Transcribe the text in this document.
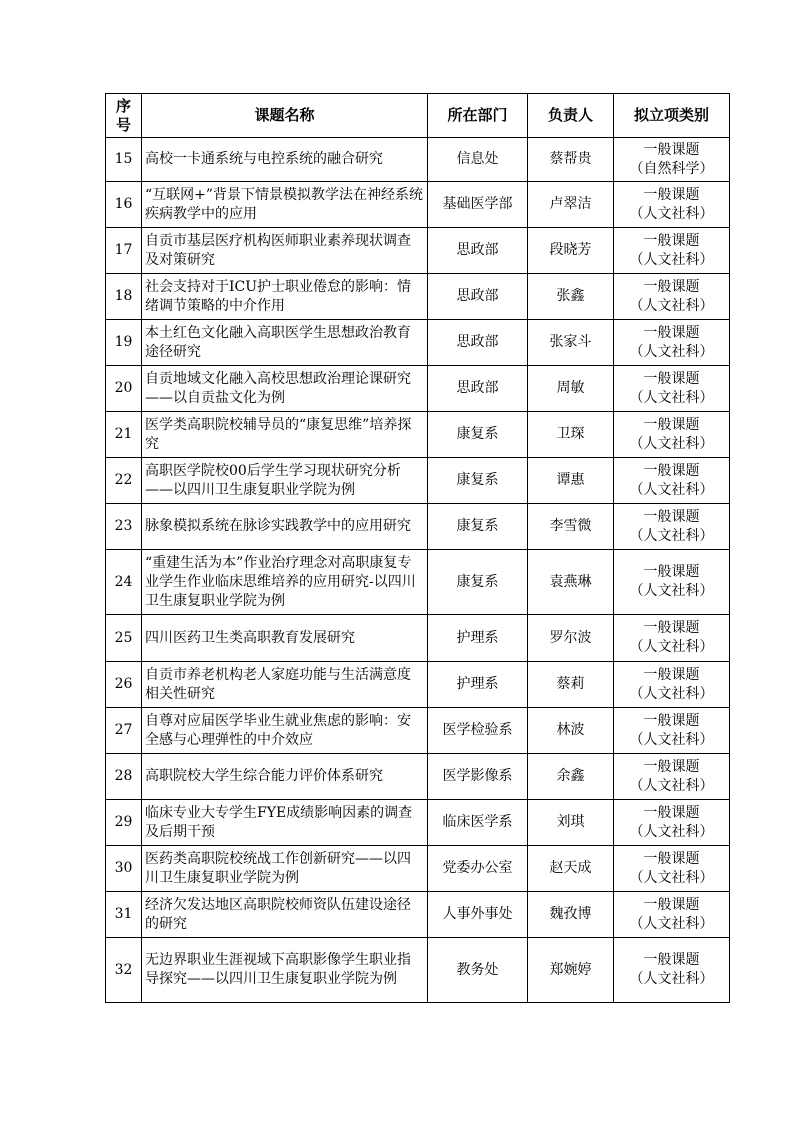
序号	课题名称	所在部门	负责人	拟立项类别
15	高校一卡通系统与电控系统的融合研究	信息处	蔡帮贵	一般课题
（自然科学）

16	“互联网+”背景下情景模拟教学法在神经系统疾病教学中的应用	基础医学部	卢翠洁	一般课题
（人文社科）

17	自贡市基层医疗机构医师职业素养现状调查及对策研究	思政部	段晓芳	一般课题
（人文社科）

18	社会支持对于ICU护士职业倦怠的影响：情绪调节策略的中介作用	思政部	张鑫	一般课题
（人文社科）

19	本土红色文化融入高职医学生思想政治教育途径研究	思政部	张家斗	一般课题
（人文社科）

20	自贡地域文化融入高校思想政治理论课研究——以自贡盐文化为例	思政部	周敏	一般课题
（人文社科）

21	医学类高职院校辅导员的“康复思维”培养探究	康复系	卫琛	一般课题
（人文社科）

22	高职医学院校00后学生学习现状研究分析——以四川卫生康复职业学院为例	康复系	谭惠	一般课题
（人文社科）

23	脉象模拟系统在脉诊实践教学中的应用研究	康复系	李雪微	一般课题
（人文社科）

24	“重建生活为本”作业治疗理念对高职康复专业学生作业临床思维培养的应用研究-以四川卫生康复职业学院为例	康复系	袁燕琳	一般课题
（人文社科）

25	四川医药卫生类高职教育发展研究	护理系	罗尔波	一般课题
（人文社科）

26	自贡市养老机构老人家庭功能与生活满意度相关性研究	护理系	蔡莉	一般课题
（人文社科）

27	自尊对应届医学毕业生就业焦虑的影响：安全感与心理弹性的中介效应	医学检验系	林波	一般课题
（人文社科）

28	高职院校大学生综合能力评价体系研究	医学影像系	余鑫	一般课题
（人文社科）

29	临床专业大专学生FYE成绩影响因素的调查及后期干预	临床医学系	刘琪	一般课题
（人文社科）

30	医药类高职院校统战工作创新研究——以四川卫生康复职业学院为例	党委办公室	赵天成	一般课题
（人文社科）

31	经济欠发达地区高职院校师资队伍建设途径的研究	人事外事处	魏孜博	一般课题
（人文社科）

32	无边界职业生涯视域下高职影像学生职业指导探究——以四川卫生康复职业学院为例	教务处	郑婉婷	一般课题
（人文社科）
